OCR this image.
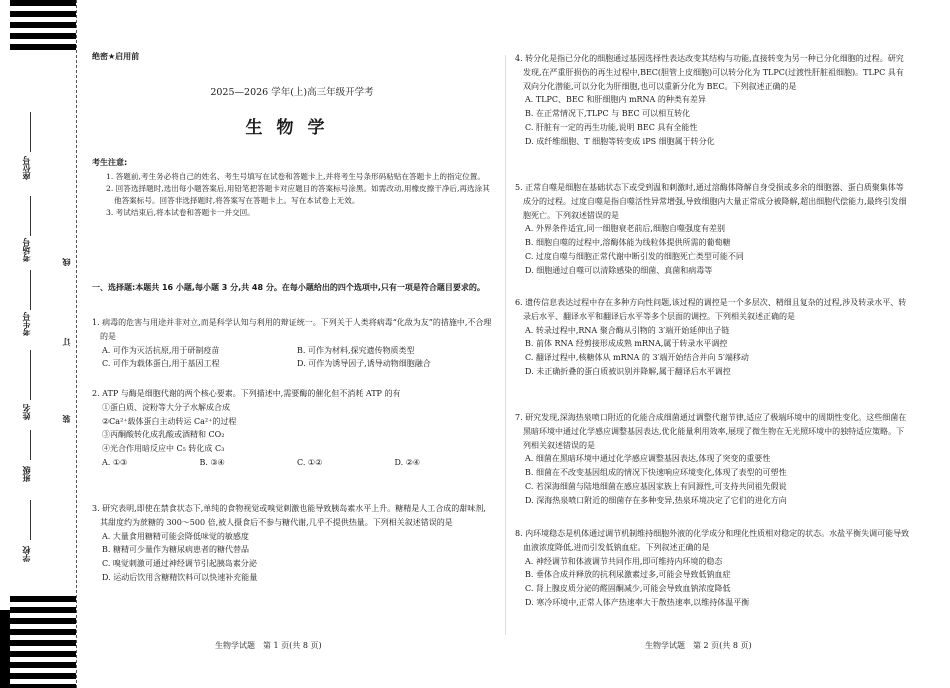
座位号
考场号
考生号
姓名
班级
学校
线
订
装
绝密★启用前
2025—2026 学年(上)高三年级开学考
生物学
考生注意:
1. 答题前,考生务必将自己的姓名、考生号填写在试卷和答题卡上,并将考生号条形码粘贴在答题卡上的指定位置。
2. 回答选择题时,选出每小题答案后,用铅笔把答题卡对应题目的答案标号涂黑。如需改动,用橡皮擦干净后,再选涂其他答案标号。回答非选择题时,将答案写在答题卡上。写在本试卷上无效。
3. 考试结束后,将本试卷和答题卡一并交回。
一、选择题:本题共 16 小题,每小题 3 分,共 48 分。在每小题给出的四个选项中,只有一项是符合题目要求的。
1. 病毒的危害与用途并非对立,而是科学认知与利用的辩证统一。下列关于人类将病毒“化敌为友”的措施中,不合理的是
A. 可作为灭活抗原,用于研制疫苗	B. 可作为材料,探究遗传物质类型
C. 可作为载体蛋白,用于基因工程	D. 可作为诱导因子,诱导动物细胞融合
2. ATP 与酶是细胞代谢的两个核心要素。下列描述中,需要酶的催化但不消耗 ATP 的有
①蛋白质、淀粉等大分子水解成合成
②Ca²⁺载体蛋白主动转运 Ca²⁺的过程
③丙酮酸转化成乳酸或酒精和 CO₂
④光合作用暗反应中 C₅ 转化成 C₃
A. ①③	B. ③④	C. ①②	D. ②④
3. 研究表明,即使在禁食状态下,单纯的食物视觉或嗅觉刺激也能导致胰岛素水平上升。糖精是人工合成的甜味剂,其甜度约为蔗糖的 300～500 倍,被人摄食后不参与糖代谢,几乎不提供热量。下列相关叙述错误的是
A. 大量食用糖精可能会降低味觉的敏感度
B. 糖精可少量作为糖尿病患者的糖代替品
C. 嗅觉刺激可通过神经调节引起胰岛素分泌
D. 运动后饮用含糖精饮料可以快速补充能量
4. 转分化是指已分化的细胞通过基因选择性表达改变其结构与功能,直接转变为另一种已分化细胞的过程。研究发现,在严重肝损伤的再生过程中,BEC(胆管上皮细胞)可以转分化为 TLPC(过渡性肝脏祖细胞)。TLPC 具有双向分化潜能,可以分化为肝细胞,也可以重新分化为 BEC。下列叙述正确的是
A. TLPC、BEC 和肝细胞内 mRNA 的种类有差异
B. 在正常情况下,TLPC 与 BEC 可以相互转化
C. 肝脏有一定的再生功能,说明 BEC 具有全能性
D. 成纤维细胞、T 细胞等转变成 iPS 细胞属于转分化
5. 正常自噬是细胞在基础状态下或受到温和刺激时,通过溶酶体降解自身受损或多余的细胞器、蛋白质聚集体等成分的过程。过度自噬是指自噬活性异常增强,导致细胞内大量正常成分被降解,超出细胞代偿能力,最终引发细胞死亡。下列叙述错误的是
A. 外界条件适宜,同一细胞衰老前后,细胞自噬强度有差别
B. 细胞自噬的过程中,溶酶体能为线粒体提供所需的葡萄糖
C. 过度自噬与细胞正常代谢中断引发的细胞死亡类型可能不同
D. 细胞通过自噬可以清除感染的细菌、真菌和病毒等
6. 遗传信息表达过程中存在多种方向性问题,该过程的调控是一个多层次、精细且复杂的过程,涉及转录水平、转录后水平、翻译水平和翻译后水平等多个层面的调控。下列相关叙述正确的是
A. 转录过程中,RNA 聚合酶从引物的 3′端开始延伸出子链
B. 前体 RNA 经剪接形成成熟 mRNA,属于转录水平调控
C. 翻译过程中,核糖体从 mRNA 的 3′端开始结合并向 5′端移动
D. 未正确折叠的蛋白质被识别并降解,属于翻译后水平调控
7. 研究发现,深海热泉喷口附近的化能合成细菌通过调整代谢节律,适应了极端环境中的周期性变化。这些细菌在黑暗环境中通过化学感应调整基因表达,优化能量利用效率,展现了微生物在无光照环境中的独特适应策略。下列相关叙述错误的是
A. 细菌在黑暗环境中通过化学感应调整基因表达,体现了突变的重要性
B. 细菌在不改变基因组成的情况下快速响应环境变化,体现了表型的可塑性
C. 若深海细菌与陆地细菌在感应基因家族上有同源性,可支持共同祖先假说
D. 深海热泉喷口附近的细菌存在多种变异,热泉环境决定了它们的进化方向
8. 内环境稳态是机体通过调节机制维持细胞外液的化学成分和理化性质相对稳定的状态。水盐平衡失调可能导致血液浓度降低,进而引发低钠血症。下列叙述正确的是
A. 神经调节和体液调节共同作用,即可维持内环境的稳态
B. 垂体合成并释放的抗利尿激素过多,可能会导致低钠血症
C. 肾上腺皮质分泌的醛固酮减少,可能会导致血钠浓度降低
D. 寒冷环境中,正常人体产热速率大于散热速率,以维持体温平衡
生物学试题　第 1 页(共 8 页)	生物学试题　第 2 页(共 8 页)
